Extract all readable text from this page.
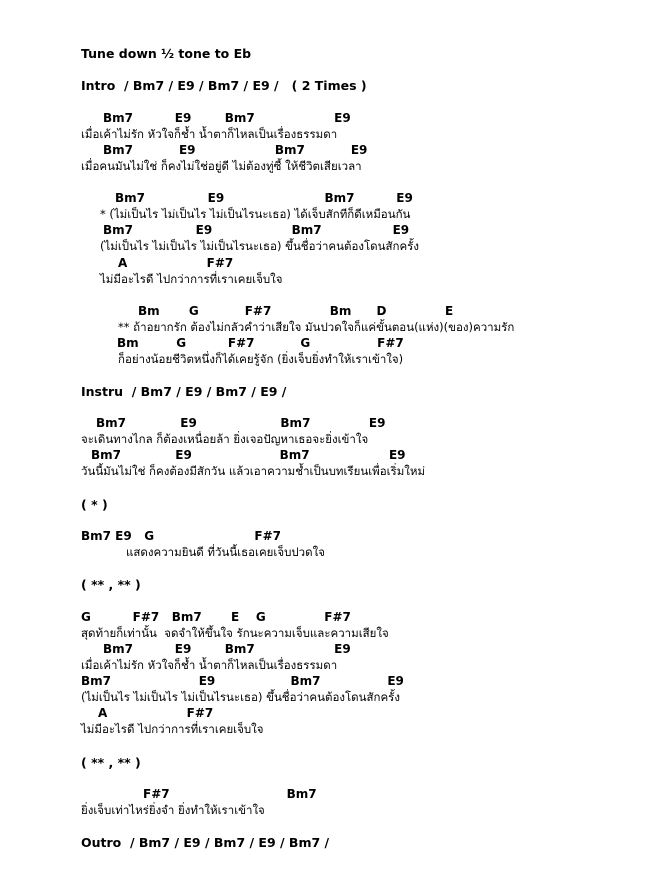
Tune down ½ tone to Eb
Intro  / Bm7 / E9 / Bm7 / E9 /   ( 2 Times )
Bm7          E9        Bm7                   E9
เมื่อเค้าไม่รัก หัวใจก็ช้ำ น้ำตาก็ไหลเป็นเรื่องธรรมดา
Bm7           E9                   Bm7           E9
เมื่อคนมันไม่ใช่ ก็คงไม่ใช่อยู่ดี ไม่ต้องทู่ซี้ ให้ชีวิตเสียเวลา
Bm7               E9                        Bm7          E9
* (ไม่เป็นไร ไม่เป็นไร ไม่เป็นไรนะเธอ) ได้เจ็บสักทีก็ดีเหมือนกัน
Bm7               E9                   Bm7                 E9
(ไม่เป็นไร ไม่เป็นไร ไม่เป็นไรนะเธอ) ขึ้นชื่อว่าคนต้องโดนสักครั้ง
A                   F#7
ไม่มีอะไรดี ไปกว่าการที่เราเคยเจ็บใจ
Bm       G           F#7              Bm      D              E
** ถ้าอยากรัก ต้องไม่กลัวคำว่าเสียใจ มันปวดใจก็แค่ขั้นตอน(แห่ง)(ของ)ความรัก
Bm         G          F#7           G                F#7
ก็อย่างน้อยชีวิตหนึ่งก็ได้เคยรู้จัก (ยิ่งเจ็บยิ่งทำให้เราเข้าใจ)
Instru  / Bm7 / E9 / Bm7 / E9 /
Bm7             E9                    Bm7              E9
จะเดินทางไกล ก็ต้องเหนื่อยล้า ยิ่งเจอปัญหาเธอจะยิ่งเข้าใจ
Bm7             E9                     Bm7                   E9
วันนี้มันไม่ใช่ ก็คงต้องมีสักวัน แล้วเอาความช้ำเป็นบทเรียนเพื่อเริ่มใหม่
( * )
Bm7 E9   G                        F#7
แสดงความยินดี ที่วันนี้เธอเคยเจ็บปวดใจ
( ** , ** )
G          F#7   Bm7       E    G              F#7
สุดท้ายก็เท่านั้น  จดจำให้ขึ้นใจ รักนะความเจ็บและความเสียใจ
Bm7          E9        Bm7                   E9
เมื่อเค้าไม่รัก หัวใจก็ช้ำ น้ำตาก็ไหลเป็นเรื่องธรรมดา
Bm7                     E9                  Bm7                E9
(ไม่เป็นไร ไม่เป็นไร ไม่เป็นไรนะเธอ) ขึ้นชื่อว่าคนต้องโดนสักครั้ง
A                   F#7
ไม่มีอะไรดี ไปกว่าการที่เราเคยเจ็บใจ
( ** , ** )
F#7                            Bm7
ยิ่งเจ็บเท่าไหร่ยิ่งจำ ยิ่งทำให้เราเข้าใจ
Outro  / Bm7 / E9 / Bm7 / E9 / Bm7 /
